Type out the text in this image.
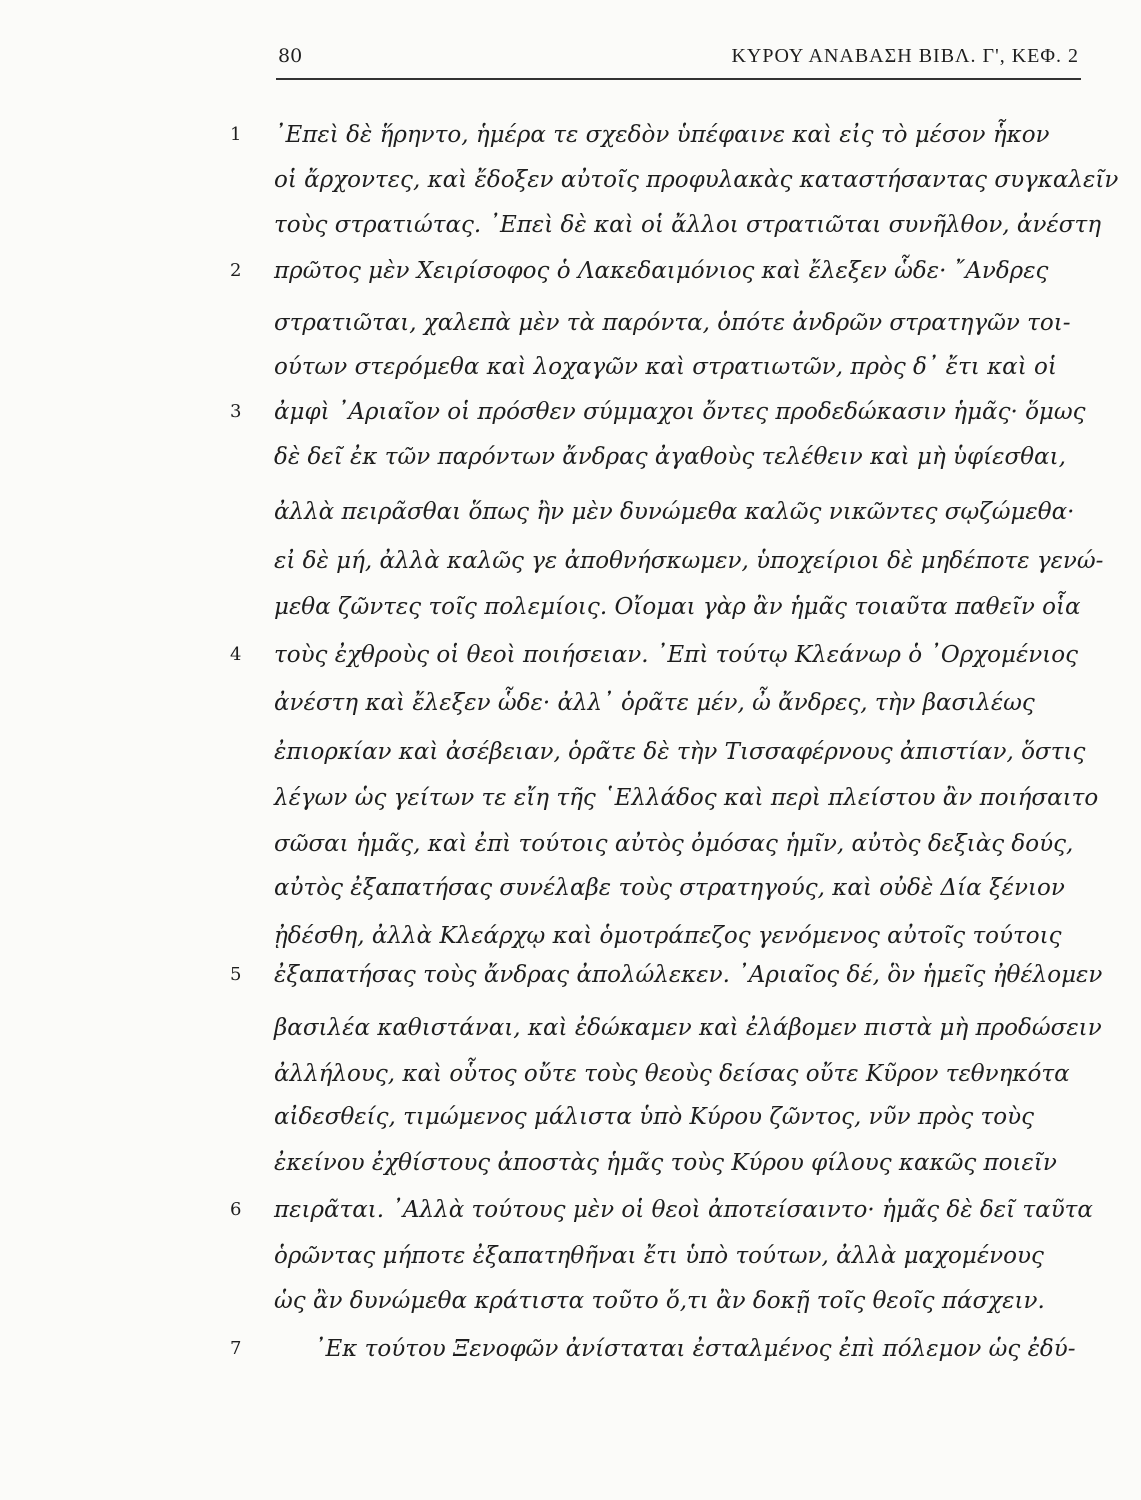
80	ΚΥΡΟΥ ΑΝΑΒΑΣΗ ΒΙΒΛ. Γ', ΚΕΦ. 2
1
2
3
4
5
6
7
᾿Επεὶ δὲ ἥρηντο, ἡμέρα τε σχεδὸν ὑπέφαινε καὶ εἰς τὸ μέσον ἧκον
οἱ ἄρχοντες, καὶ ἔδοξεν αὐτοῖς προφυλακὰς καταστήσαντας συγκαλεῖν
τοὺς στρατιώτας. ᾿Επεὶ δὲ καὶ οἱ ἄλλοι στρατιῶται συνῆλθον, ἀνέστη
πρῶτος μὲν Χειρίσοφος ὁ Λακεδαιμόνιος καὶ ἔλεξεν ὧδε· ῎Ανδρες
στρατιῶται, χαλεπὰ μὲν τὰ παρόντα, ὁπότε ἀνδρῶν στρατηγῶν τοι-
ούτων στερόμεθα καὶ λοχαγῶν καὶ στρατιωτῶν, πρὸς δ᾿ ἔτι καὶ οἱ
ἀμφὶ ᾿Αριαῖον οἱ πρόσθεν σύμμαχοι ὄντες προδεδώκασιν ἡμᾶς· ὅμως
δὲ δεῖ ἐκ τῶν παρόντων ἄνδρας ἀγαθοὺς τελέθειν καὶ μὴ ὑφίεσθαι,
ἀλλὰ πειρᾶσθαι ὅπως ἢν μὲν δυνώμεθα καλῶς νικῶντες σῳζώμεθα·
εἰ δὲ μή, ἀλλὰ καλῶς γε ἀποθνήσκωμεν, ὑποχείριοι δὲ μηδέποτε γενώ-
μεθα ζῶντες τοῖς πολεμίοις. Οἴομαι γὰρ ἂν ἡμᾶς τοιαῦτα παθεῖν οἷα
τοὺς ἐχθροὺς οἱ θεοὶ ποιήσειαν. ᾿Επὶ τούτῳ Κλεάνωρ ὁ ᾿Ορχομένιος
ἀνέστη καὶ ἔλεξεν ὧδε· ἀλλ᾿ ὁρᾶτε μέν, ὦ ἄνδρες, τὴν βασιλέως
ἐπιορκίαν καὶ ἀσέβειαν, ὁρᾶτε δὲ τὴν Τισσαφέρνους ἀπιστίαν, ὅστις
λέγων ὡς γείτων τε εἴη τῆς ῾Ελλάδος καὶ περὶ πλείστου ἂν ποιήσαιτο
σῶσαι ἡμᾶς, καὶ ἐπὶ τούτοις αὐτὸς ὀμόσας ἡμῖν, αὐτὸς δεξιὰς δούς,
αὐτὸς ἐξαπατήσας συνέλαβε τοὺς στρατηγούς, καὶ οὐδὲ Δία ξένιον
ᾐδέσθη, ἀλλὰ Κλεάρχῳ καὶ ὁμοτράπεζος γενόμενος αὐτοῖς τούτοις
ἐξαπατήσας τοὺς ἄνδρας ἀπολώλεκεν. ᾿Αριαῖος δέ, ὃν ἡμεῖς ἠθέλομεν
βασιλέα καθιστάναι, καὶ ἐδώκαμεν καὶ ἐλάβομεν πιστὰ μὴ προδώσειν
ἀλλήλους, καὶ οὗτος οὔτε τοὺς θεοὺς δείσας οὔτε Κῦρον τεθνηκότα
αἰδεσθείς, τιμώμενος μάλιστα ὑπὸ Κύρου ζῶντος, νῦν πρὸς τοὺς
ἐκείνου ἐχθίστους ἀποστὰς ἡμᾶς τοὺς Κύρου φίλους κακῶς ποιεῖν
πειρᾶται. ᾿Αλλὰ τούτους μὲν οἱ θεοὶ ἀποτείσαιντο· ἡμᾶς δὲ δεῖ ταῦτα
ὁρῶντας μήποτε ἐξαπατηθῆναι ἔτι ὑπὸ τούτων, ἀλλὰ μαχομένους
ὡς ἂν δυνώμεθα κράτιστα τοῦτο ὅ,τι ἂν δοκῇ τοῖς θεοῖς πάσχειν.
᾿Εκ τούτου Ξενοφῶν ἀνίσταται ἐσταλμένος ἐπὶ πόλεμον ὡς ἐδύ-
